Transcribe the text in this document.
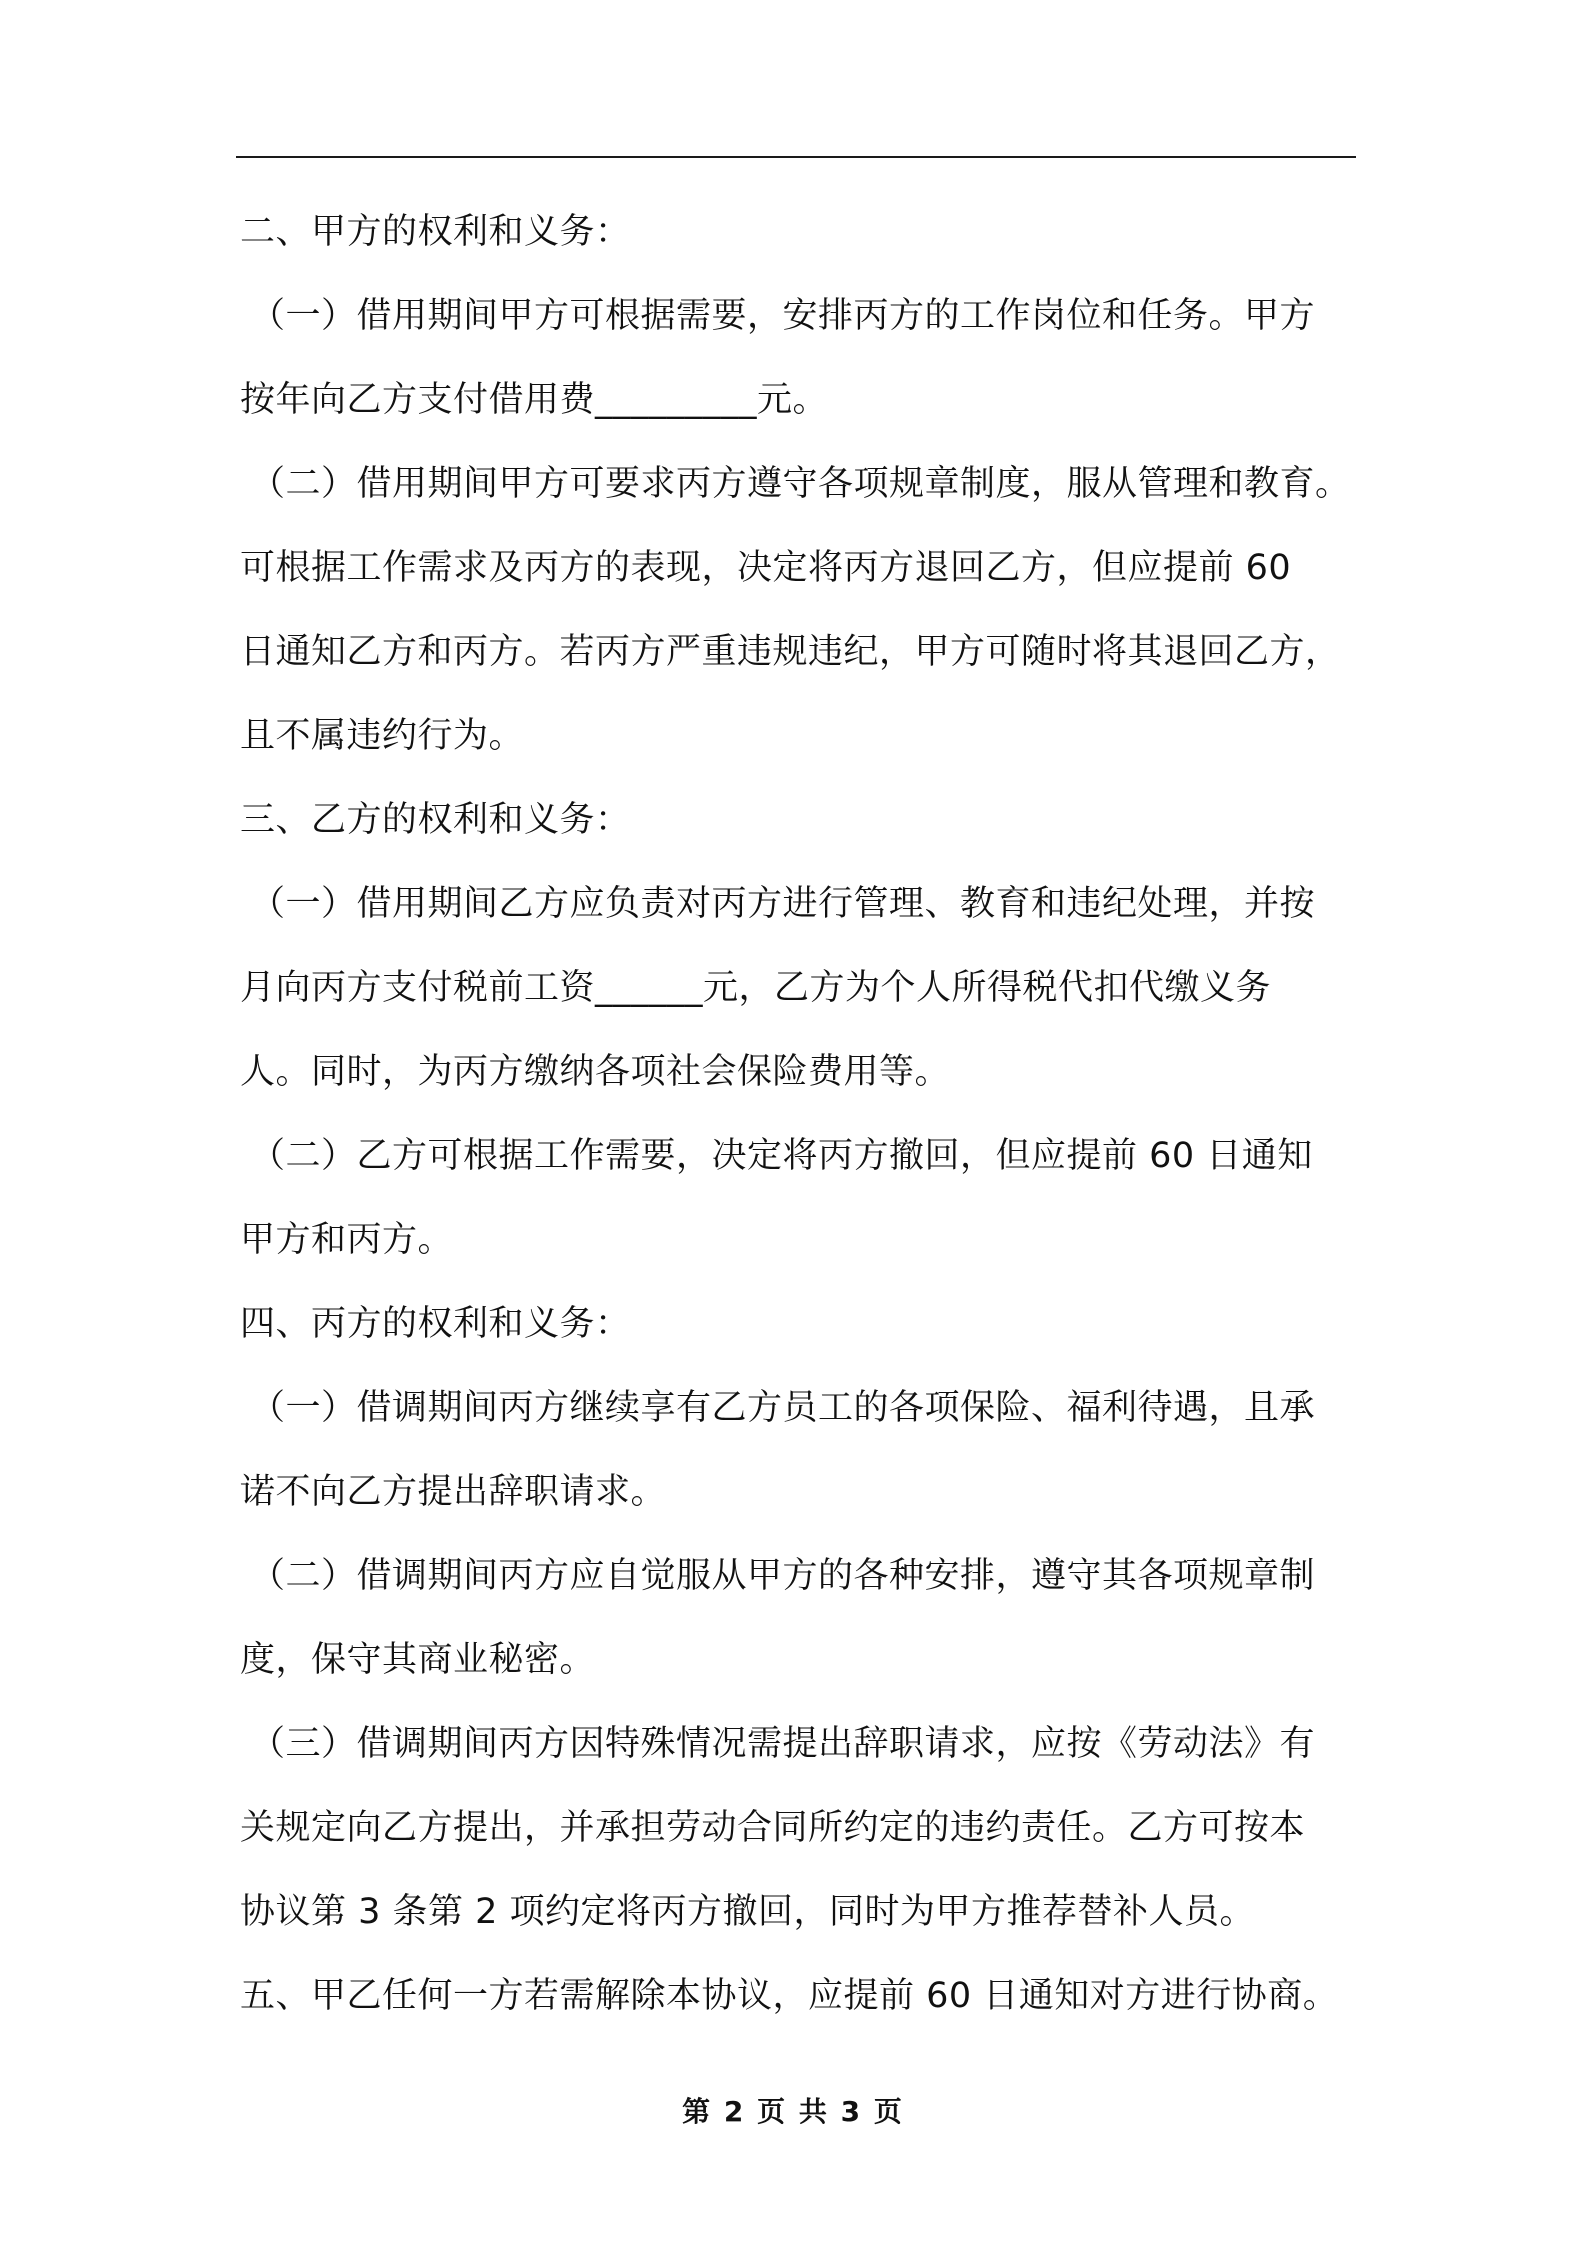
二、甲方的权利和义务：
（一）借用期间甲方可根据需要，安排丙方的工作岗位和任务。甲方
按年向乙方支付借用费_________元。
（二）借用期间甲方可要求丙方遵守各项规章制度，服从管理和教育。
可根据工作需求及丙方的表现，决定将丙方退回乙方，但应提前 60
日通知乙方和丙方。若丙方严重违规违纪，甲方可随时将其退回乙方，
且不属违约行为。
三、乙方的权利和义务：
（一）借用期间乙方应负责对丙方进行管理、教育和违纪处理，并按
月向丙方支付税前工资______元，乙方为个人所得税代扣代缴义务
人。同时，为丙方缴纳各项社会保险费用等。
（二）乙方可根据工作需要，决定将丙方撤回，但应提前 60 日通知
甲方和丙方。
四、丙方的权利和义务：
（一）借调期间丙方继续享有乙方员工的各项保险、福利待遇，且承
诺不向乙方提出辞职请求。
（二）借调期间丙方应自觉服从甲方的各种安排，遵守其各项规章制
度，保守其商业秘密。
（三）借调期间丙方因特殊情况需提出辞职请求，应按《劳动法》有
关规定向乙方提出，并承担劳动合同所约定的违约责任。乙方可按本
协议第 3 条第 2 项约定将丙方撤回，同时为甲方推荐替补人员。
五、甲乙任何一方若需解除本协议，应提前 60 日通知对方进行协商。
第 2 页 共 3 页
